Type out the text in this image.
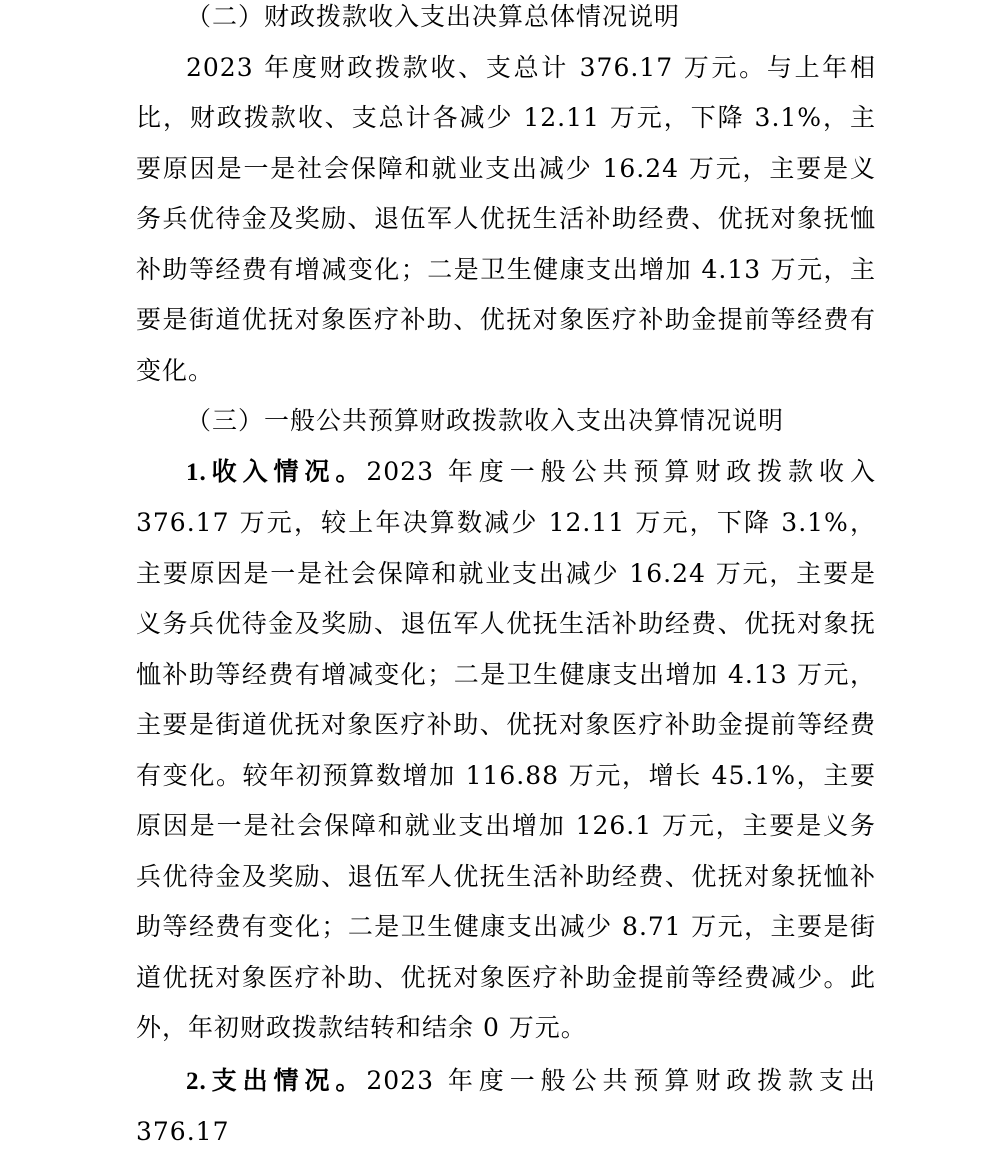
（二）财政拨款收入支出决算总体情况说明

2023 年度财政拨款收、支总计 376.17 万元。与上年相比，财政拨款收、支总计各减少 12.11 万元，下降 3.1%，主要原因是一是社会保障和就业支出减少 16.24 万元，主要是义务兵优待金及奖励、退伍军人优抚生活补助经费、优抚对象抚恤补助等经费有增减变化；二是卫生健康支出增加 4.13 万元，主要是街道优抚对象医疗补助、优抚对象医疗补助金提前等经费有变化。

（三）一般公共预算财政拨款收入支出决算情况说明

1.收入情况。2023 年度一般公共预算财政拨款收入 376.17 万元，较上年决算数减少 12.11 万元，下降 3.1%，主要原因是一是社会保障和就业支出减少 16.24 万元，主要是义务兵优待金及奖励、退伍军人优抚生活补助经费、优抚对象抚恤补助等经费有增减变化；二是卫生健康支出增加 4.13 万元，主要是街道优抚对象医疗补助、优抚对象医疗补助金提前等经费有变化。较年初预算数增加 116.88 万元，增长 45.1%，主要原因是一是社会保障和就业支出增加 126.1 万元，主要是义务兵优待金及奖励、退伍军人优抚生活补助经费、优抚对象抚恤补助等经费有变化；二是卫生健康支出减少 8.71 万元，主要是街道优抚对象医疗补助、优抚对象医疗补助金提前等经费减少。此外，年初财政拨款结转和结余 0 万元。

2.支出情况。2023 年度一般公共预算财政拨款支出 376.17
